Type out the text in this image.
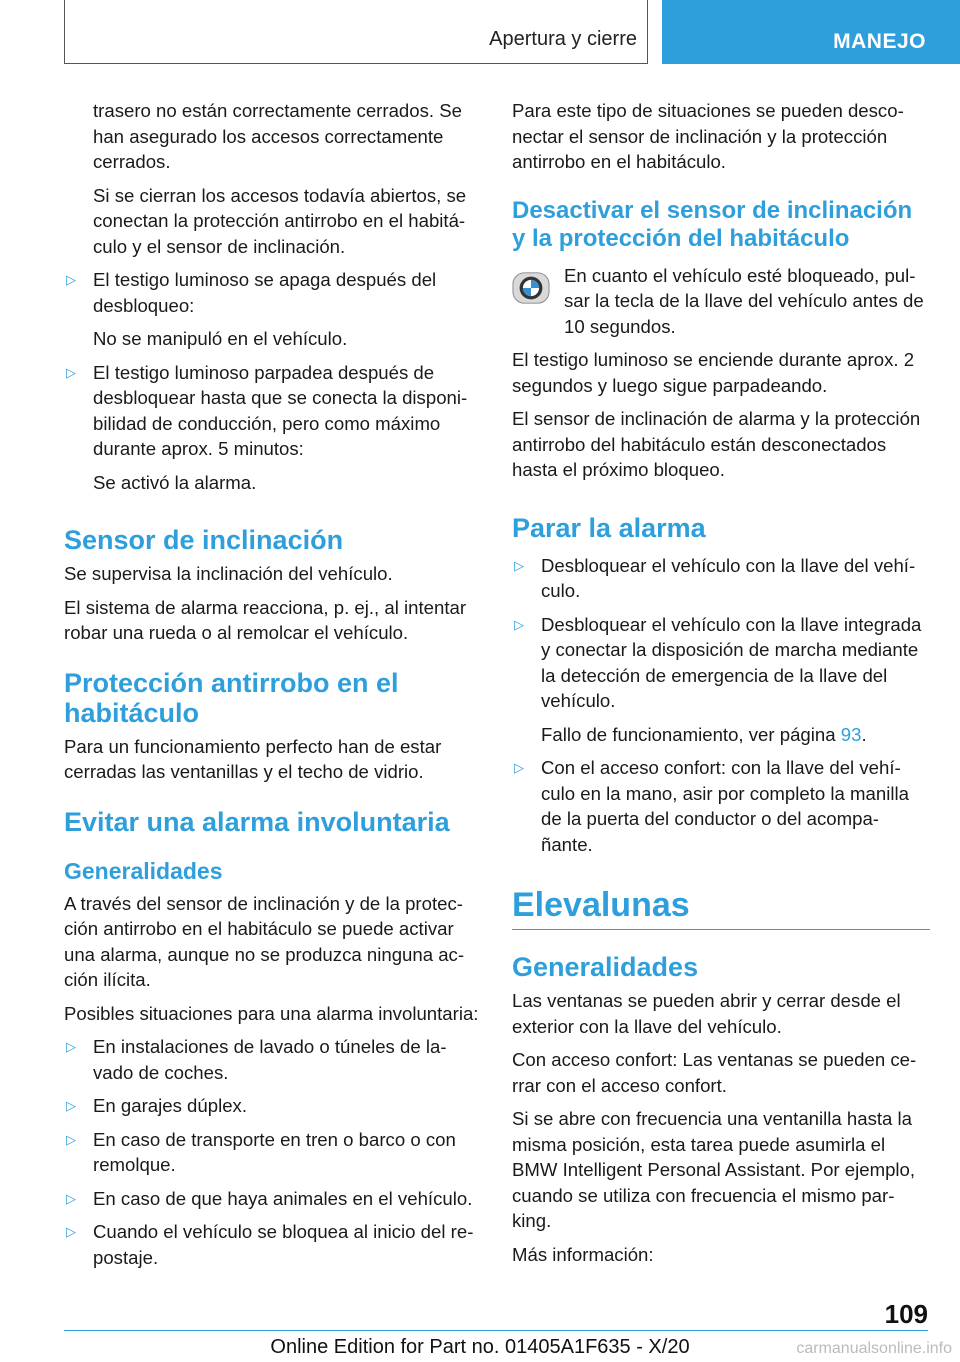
Apertura y cierre	MANEJO

trasero no están correctamente cerrados. Se han asegurado los accesos correctamente cerrados.

Si se cierran los accesos todavía abiertos, se conectan la protección antirrobo en el habitá‐culo y el sensor de inclinación.

▷ El testigo luminoso se apaga después del desbloqueo:

No se manipuló en el vehículo.

▷ El testigo luminoso parpadea después de desbloquear hasta que se conecta la disponi‐bilidad de conducción, pero como máximo durante aprox. 5 minutos:

Se activó la alarma.

Sensor de inclinación

Se supervisa la inclinación del vehículo.

El sistema de alarma reacciona, p. ej., al intentar robar una rueda o al remolcar el vehículo.

Protección antirrobo en el habitáculo

Para un funcionamiento perfecto han de estar cerradas las ventanillas y el techo de vidrio.

Evitar una alarma involuntaria
Generalidades

A través del sensor de inclinación y de la protec‐ción antirrobo en el habitáculo se puede activar una alarma, aunque no se produzca ninguna ac‐ción ilícita.

Posibles situaciones para una alarma involuntaria:

▷ En instalaciones de lavado o túneles de la‐vado de coches.
▷ En garajes dúplex.
▷ En caso de transporte en tren o barco o con remolque.
▷ En caso de que haya animales en el vehículo.
▷ Cuando el vehículo se bloquea al inicio del re‐postaje.

Para este tipo de situaciones se pueden desco‐nectar el sensor de inclinación y la protección antirrobo en el habitáculo.

Desactivar el sensor de inclinación y la protección del habitáculo

En cuanto el vehículo esté bloqueado, pul‐sar la tecla de la llave del vehículo antes de 10 segundos.

El testigo luminoso se enciende durante aprox. 2 segundos y luego sigue parpadeando.

El sensor de inclinación de alarma y la protección antirrobo del habitáculo están desconectados hasta el próximo bloqueo.

Parar la alarma
▷ Desbloquear el vehículo con la llave del vehí‐culo.
▷ Desbloquear el vehículo con la llave integrada y conectar la disposición de marcha mediante la detección de emergencia de la llave del vehículo.

Fallo de funcionamiento, ver página 93.

▷ Con el acceso confort: con la llave del vehí‐culo en la mano, asir por completo la manilla de la puerta del conductor o del acompa‐ñante.
Elevalunas
Generalidades

Las ventanas se pueden abrir y cerrar desde el exterior con la llave del vehículo.

Con acceso confort: Las ventanas se pueden ce‐rrar con el acceso confort.

Si se abre con frecuencia una ventanilla hasta la misma posición, esta tarea puede asumirla el BMW Intelligent Personal Assistant. Por ejemplo, cuando se utiliza con frecuencia el mismo par‐king.

Más información:

109
Online Edition for Part no. 01405A1F635 - X/20	carmanualsonline.info
